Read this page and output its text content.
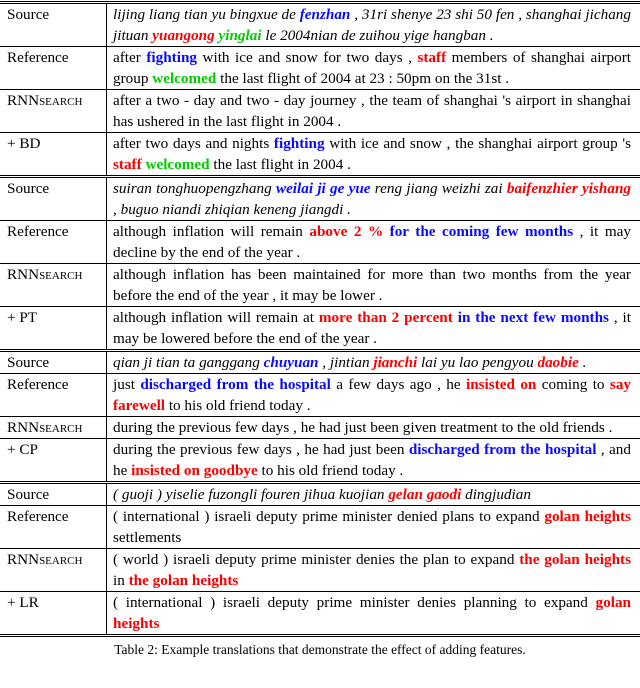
Source	lijing liang tian yu bingxue de fenzhan , 31ri shenye 23 shi 50 fen , shanghai jichang jituan yuangong yinglai le 2004nian de zuihou yige hangban .
Reference	after fighting with ice and snow for two days , staff members of shanghai airport group welcomed the last flight of 2004 at 23 : 50pm on the 31st .
RNNsearch	after a two - day and two - day journey , the team of shanghai 's airport in shanghai has ushered in the last flight in 2004 .
+ BD	after two days and nights fighting with ice and snow , the shanghai airport group 's staff welcomed the last flight in 2004 .
Source	suiran tonghuopengzhang weilai ji ge yue reng jiang weizhi zai baifenzhier yishang , buguo niandi zhiqian keneng jiangdi .
Reference	although inflation will remain above 2 % for the coming few months , it may decline by the end of the year .
RNNsearch	although inflation has been maintained for more than two months from the year before the end of the year , it may be lower .
+ PT	although inflation will remain at more than 2 percent in the next few months , it may be lowered before the end of the year .
Source	qian ji tian ta ganggang chuyuan , jintian jianchi lai yu lao pengyou daobie .
Reference	just discharged from the hospital a few days ago , he insisted on coming to say farewell to his old friend today .
RNNsearch	during the previous few days , he had just been given treatment to the old friends .
+ CP	during the previous few days , he had just been discharged from the hospital , and he insisted on goodbye to his old friend today .
Source	( guoji ) yiselie fuzongli fouren jihua kuojian gelan gaodi dingjudian
Reference	( international ) israeli deputy prime minister denied plans to expand golan heights settlements
RNNsearch	( world ) israeli deputy prime minister denies the plan to expand the golan heights in the golan heights
+ LR	( international ) israeli deputy prime minister denies planning to expand golan heights
Table 2: Example translations that demonstrate the effect of adding features.
